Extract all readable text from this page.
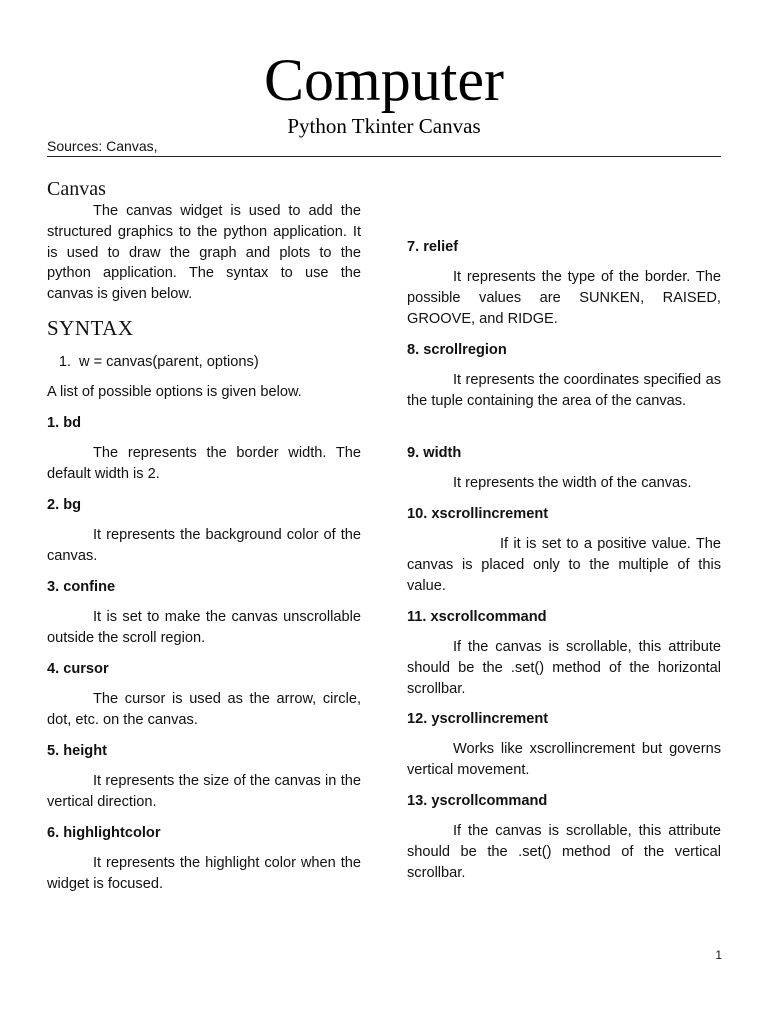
Computer
Python Tkinter Canvas
Sources: Canvas,
Canvas

The canvas widget is used to add the structured graphics to the python application. It is used to draw the graph and plots to the python application. The syntax to use the canvas is given below.

SYNTAX
1. w = canvas(parent, options)
A list of possible options is given below.
1. bd

The represents the border width. The default width is 2.

2. bg

It represents the background color of the canvas.

3. confine

It is set to make the canvas unscrollable outside the scroll region.

4. cursor

The cursor is used as the arrow, circle, dot, etc. on the canvas.

5. height

It represents the size of the canvas in the vertical direction.

6. highlightcolor

It represents the highlight color when the widget is focused.

7. relief

It represents the type of the border. The possible values are SUNKEN, RAISED, GROOVE, and RIDGE.

8. scrollregion

It represents the coordinates specified as the tuple containing the area of the canvas.

9. width

It represents the width of the canvas.

10. xscrollincrement

If it is set to a positive value. The canvas is placed only to the multiple of this value.

11. xscrollcommand

If the canvas is scrollable, this attribute should be the .set() method of the horizontal scrollbar.

12. yscrollincrement

Works like xscrollincrement but governs vertical movement.

13. yscrollcommand

If the canvas is scrollable, this attribute should be the .set() method of the vertical scrollbar.

1
